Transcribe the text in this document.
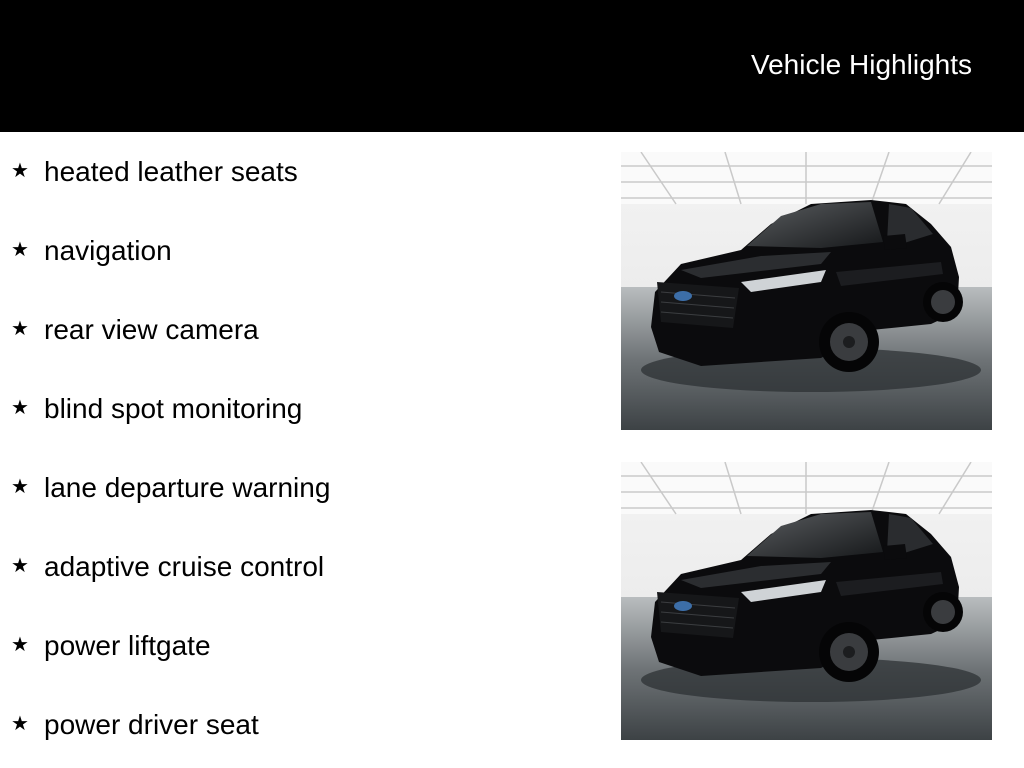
Vehicle Highlights
★ heated leather seats
★ navigation
★ rear view camera
★ blind spot monitoring
★ lane departure warning
★ adaptive cruise control
★ power liftgate
★ power driver seat
